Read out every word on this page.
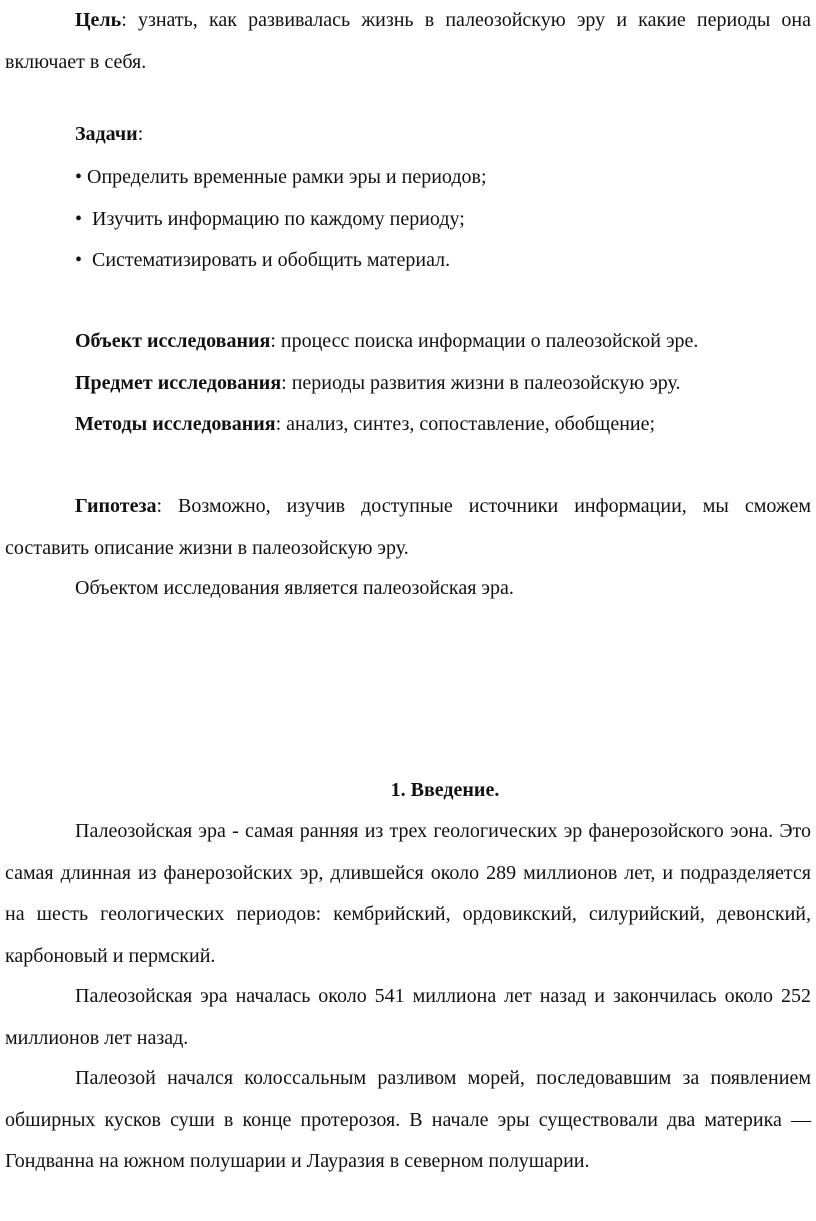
Цель: узнать, как развивалась жизнь в палеозойскую эру и какие периоды она включает в себя.

Задачи:

• Определить временные рамки эры и периодов;

• Изучить информацию по каждому периоду;

• Систематизировать и обобщить материал.

Объект исследования: процесс поиска информации о палеозойской эре.

Предмет исследования: периоды развития жизни в палеозойскую эру.

Методы исследования: анализ, синтез, сопоставление, обобщение;

Гипотеза: Возможно, изучив доступные источники информации, мы сможем составить описание жизни в палеозойскую эру.

Объектом исследования является палеозойская эра.

1. Введение.

Палеозойская эра - самая ранняя из трех геологических эр фанерозойского эона. Это самая длинная из фанерозойских эр, длившейся около 289 миллионов лет, и подразделяется на шесть геологических периодов: кембрийский, ордовикский, силурийский, девонский, карбоновый и пермский.

Палеозойская эра началась около 541 миллиона лет назад и закончилась около 252 миллионов лет назад.

Палеозой начался колоссальным разливом морей, последовавшим за появлением обширных кусков суши в конце протерозоя. В начале эры существовали два материка — Гондванна на южном полушарии и Лауразия в северном полушарии.
